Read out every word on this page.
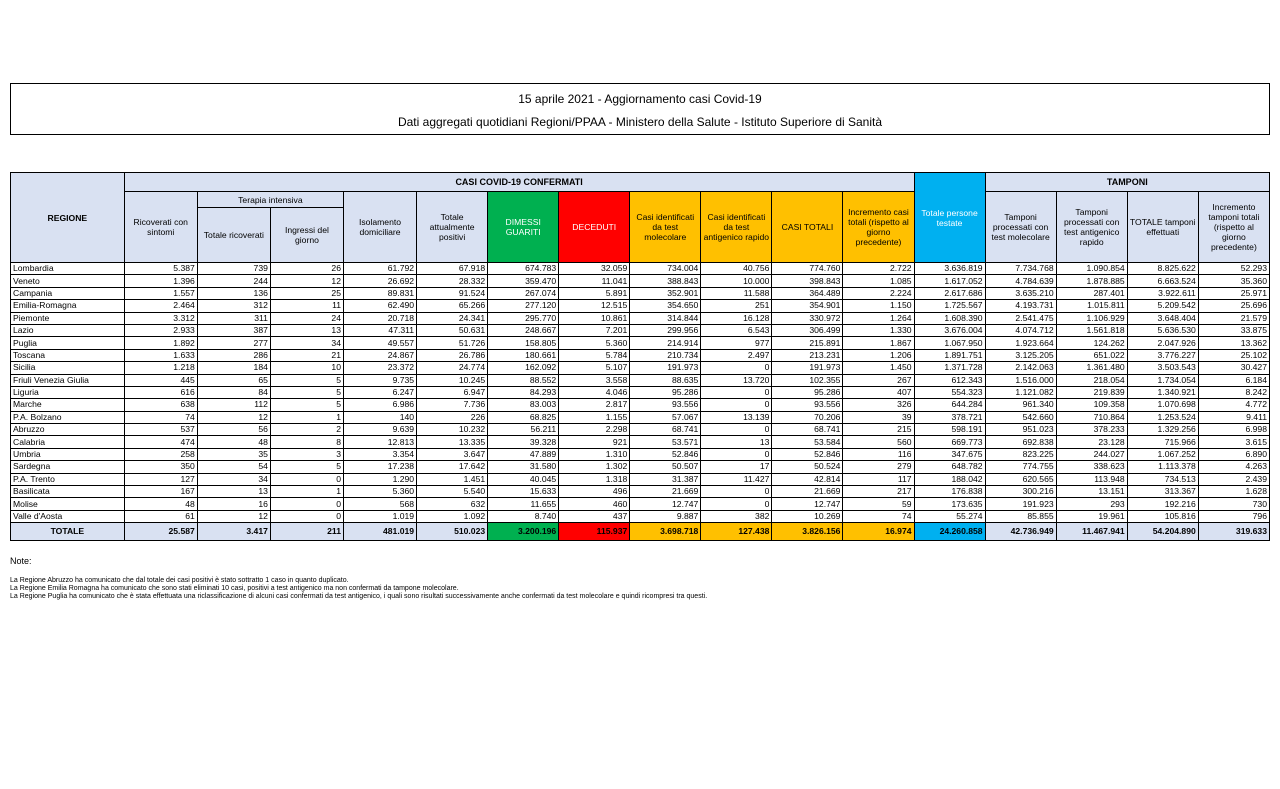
15 aprile 2021 - Aggiornamento casi Covid-19
Dati aggregati quotidiani Regioni/PPAA - Ministero della Salute - Istituto Superiore di Sanità
REGIONE	CASI COVID-19 CONFERMATI											Totale persone testate	TAMPONI			
	Ricoverati con sintomi	Terapia intensiva		Isolamento domiciliare	Totale attualmente positivi	DIMESSI GUARITI	DECEDUTI	Casi identificati da test molecolare	Casi identificati da test antigenico rapido	CASI TOTALI	Incremento casi totali (rispetto al giorno precedente)		Tamponi processati con test molecolare	Tamponi processati con test antigenico rapido	TOTALE tamponi effettuati	Incremento tamponi totali (rispetto al giorno precedente)
		Totale ricoverati	Ingressi del giorno													
Lombardia	5.387	739	26	61.792	67.918	674.783	32.059	734.004	40.756	774.760	2.722	3.636.819	7.734.768	1.090.854	8.825.622	52.293
Veneto	1.396	244	12	26.692	28.332	359.470	11.041	388.843	10.000	398.843	1.085	1.617.052	4.784.639	1.878.885	6.663.524	35.360
Campania	1.557	136	25	89.831	91.524	267.074	5.891	352.901	11.588	364.489	2.224	2.617.686	3.635.210	287.401	3.922.611	25.971
Emilia-Romagna	2.464	312	11	62.490	65.266	277.120	12.515	354.650	251	354.901	1.150	1.725.567	4.193.731	1.015.811	5.209.542	25.696
Piemonte	3.312	311	24	20.718	24.341	295.770	10.861	314.844	16.128	330.972	1.264	1.608.390	2.541.475	1.106.929	3.648.404	21.579
Lazio	2.933	387	13	47.311	50.631	248.667	7.201	299.956	6.543	306.499	1.330	3.676.004	4.074.712	1.561.818	5.636.530	33.875
Puglia	1.892	277	34	49.557	51.726	158.805	5.360	214.914	977	215.891	1.867	1.067.950	1.923.664	124.262	2.047.926	13.362
Toscana	1.633	286	21	24.867	26.786	180.661	5.784	210.734	2.497	213.231	1.206	1.891.751	3.125.205	651.022	3.776.227	25.102
Sicilia	1.218	184	10	23.372	24.774	162.092	5.107	191.973	0	191.973	1.450	1.371.728	2.142.063	1.361.480	3.503.543	30.427
Friuli Venezia Giulia	445	65	5	9.735	10.245	88.552	3.558	88.635	13.720	102.355	267	612.343	1.516.000	218.054	1.734.054	6.184
Liguria	616	84	5	6.247	6.947	84.293	4.046	95.286	0	95.286	407	554.323	1.121.082	219.839	1.340.921	8.242
Marche	638	112	5	6.986	7.736	83.003	2.817	93.556	0	93.556	326	644.284	961.340	109.358	1.070.698	4.772
P.A. Bolzano	74	12	1	140	226	68.825	1.155	57.067	13.139	70.206	39	378.721	542.660	710.864	1.253.524	9.411
Abruzzo	537	56	2	9.639	10.232	56.211	2.298	68.741	0	68.741	215	598.191	951.023	378.233	1.329.256	6.998
Calabria	474	48	8	12.813	13.335	39.328	921	53.571	13	53.584	560	669.773	692.838	23.128	715.966	3.615
Umbria	258	35	3	3.354	3.647	47.889	1.310	52.846	0	52.846	116	347.675	823.225	244.027	1.067.252	6.890
Sardegna	350	54	5	17.238	17.642	31.580	1.302	50.507	17	50.524	279	648.782	774.755	338.623	1.113.378	4.263
P.A. Trento	127	34	0	1.290	1.451	40.045	1.318	31.387	11.427	42.814	117	188.042	620.565	113.948	734.513	2.439
Basilicata	167	13	1	5.360	5.540	15.633	496	21.669	0	21.669	217	176.838	300.216	13.151	313.367	1.628
Molise	48	16	0	568	632	11.655	460	12.747	0	12.747	59	173.635	191.923	293	192.216	730
Valle d'Aosta	61	12	0	1.019	1.092	8.740	437	9.887	382	10.269	74	55.274	85.855	19.961	105.816	796
TOTALE	25.587	3.417	211	481.019	510.023	3.200.196	115.937	3.698.718	127.438	3.826.156	16.974	24.260.858	42.736.949	11.467.941	54.204.890	319.633
Note:
La Regione Abruzzo ha comunicato che dal totale dei casi positivi è stato sottratto 1 caso in quanto duplicato.
La Regione Emilia Romagna ha comunicato che sono stati eliminati 10 casi, positivi a test antigenico ma non confermati da tampone molecolare.
La Regione Puglia ha comunicato che è stata effettuata una riclassificazione di alcuni casi confermati da test antigenico, i quali sono risultati successivamente anche confermati da test molecolare e quindi ricompresi tra questi.
